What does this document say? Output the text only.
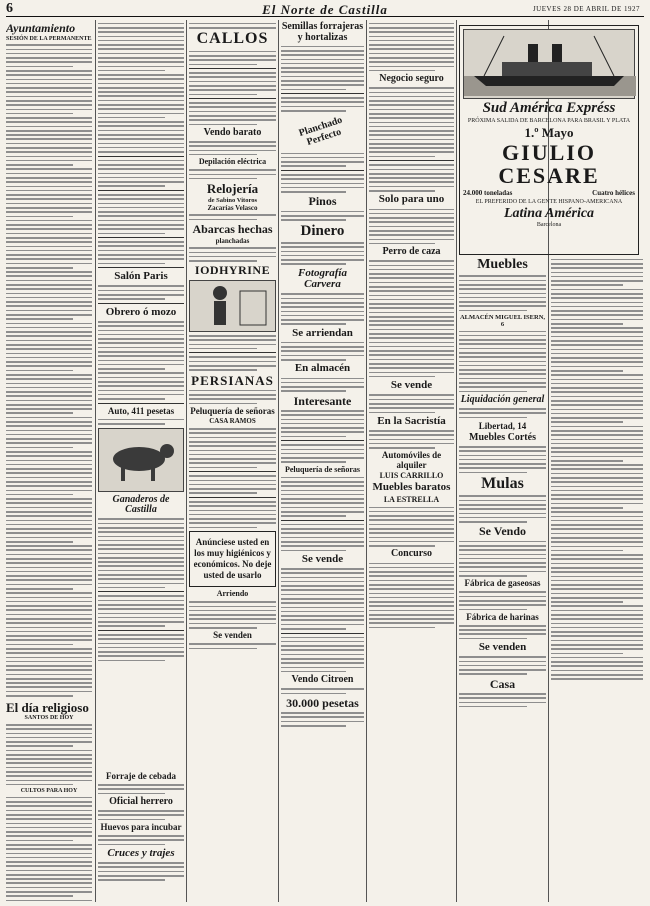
6	El Norte de Castilla	JUEVES 28 DE ABRIL DE 1927
Ayuntamiento
SESIÓN DE LA PERMANENTE
El día religioso
SANTOS DE HOY
CULTOS PARA HOY
Salón Paris
Obrero ó mozo
Auto, 411 pesetas
Ganaderos de Castilla
CALLOS
Vendo barato
Depilación eléctrica
Relojería
de Sabino Vitoros
Zacarías Velasco
Abarcas hechas
planchadas
IODHYRINE
PERSIANAS
Peluquería de señoras
CASA RAMOS
Anúnciese usted en los muy higiénicos y económicos. No deje usted de usarlo
Arriendo
Se venden
Forraje de cebada
Oficial herrero
Huevos para incubar
Cruces y trajes
Semillas forrajeras y hortalizas
Planchado Perfecto
Pinos
Dinero
Fotografía Carvera
Se arriendan
En almacén
Interesante
Peluquería de señoras
Se vende
Vendo Citroen
30.000 pesetas
Negocio seguro
Solo para uno
Perro de caza
Se vende
En la Sacristía
Automóviles de alquiler
LUIS CARRILLO
Muebles baratos
LA ESTRELLA
Concurso
Sud América Expréss
PRÓXIMA SALIDA DE BARCELONA PARA BRASIL Y PLATA
1.º Mayo
GIULIO CESARE
24.000 toneladas	Cuatro hélices
EL PREFERIDO DE LA GENTE HISPANO-AMERICANA
Latina América
Barcelona
Muebles
ALMACÉN MIGUEL ISERN, 6
Liquidación general
Libertad, 14
Muebles Cortés
Mulas
Se Vendo
Fábrica de gaseosas
Fábrica de harinas
Se venden
Casa
